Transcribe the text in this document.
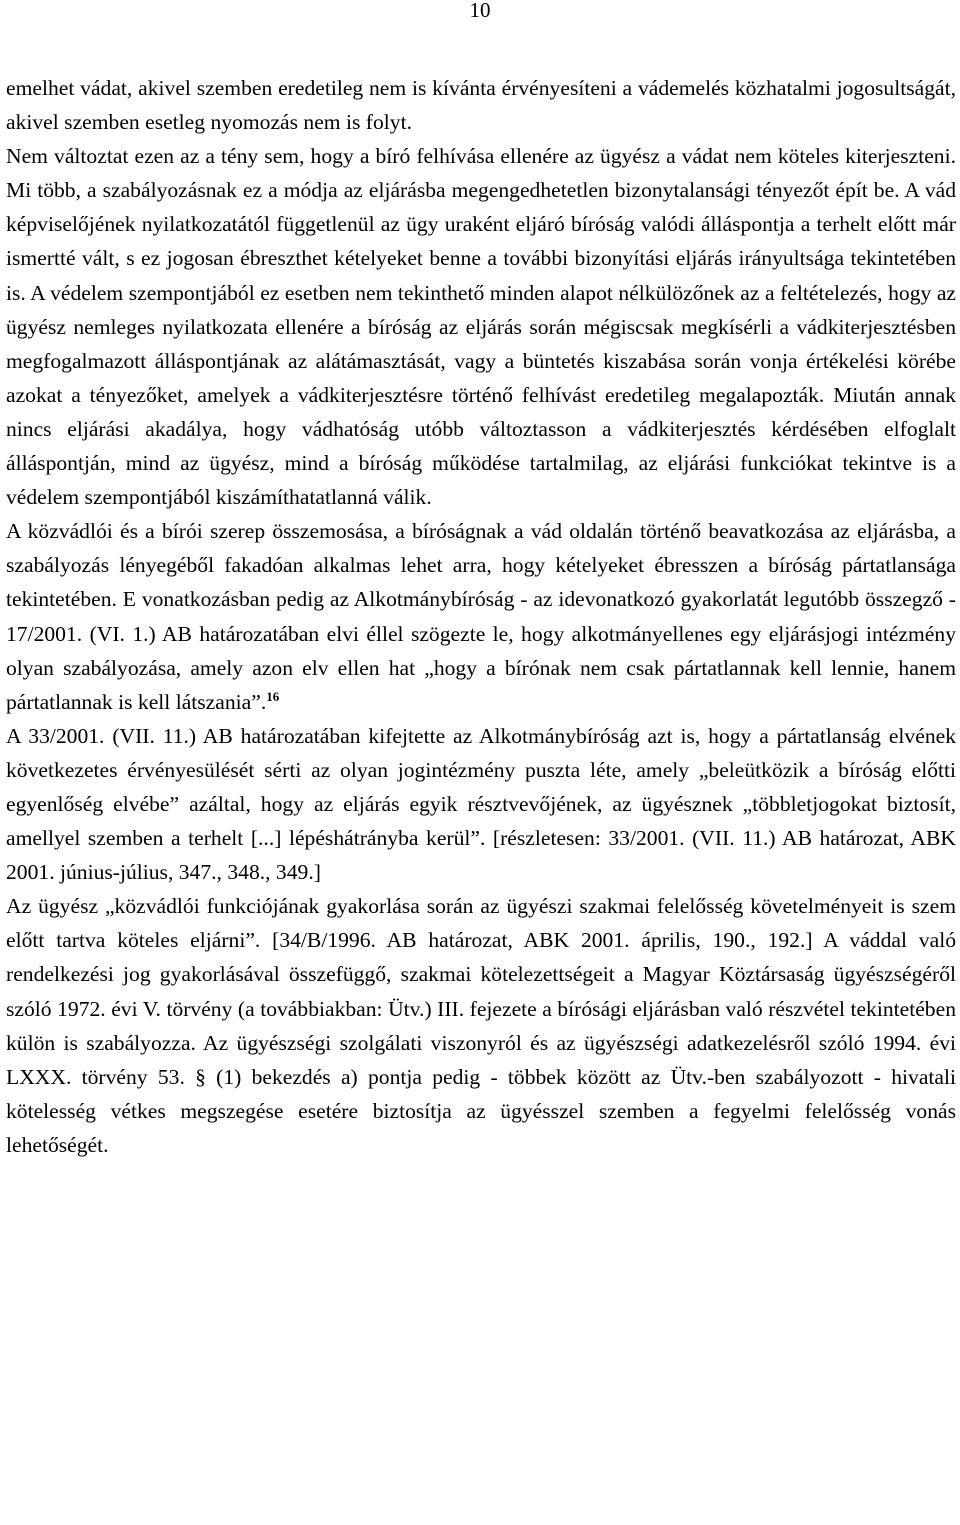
10

emelhet vádat, akivel szemben eredetileg nem is kívánta érvényesíteni a vádemelés közhatalmi jogosultságát, akivel szemben esetleg nyomozás nem is folyt.

Nem változtat ezen az a tény sem, hogy a bíró felhívása ellenére az ügyész a vádat nem köteles kiterjeszteni. Mi több, a szabályozásnak ez a módja az eljárásba megengedhetetlen bizonytalansági tényezőt épít be. A vád képviselőjének nyilatkozatától függetlenül az ügy uraként eljáró bíróság valódi álláspontja a terhelt előtt már ismertté vált, s ez jogosan ébreszthet kételyeket benne a további bizonyítási eljárás irányultsága tekintetében is. A védelem szempontjából ez esetben nem tekinthető minden alapot nélkülözőnek az a feltételezés, hogy az ügyész nemleges nyilatkozata ellenére a bíróság az eljárás során mégiscsak megkísérli a vádkiterjesztésben megfogalmazott álláspontjának az alátámasztását, vagy a büntetés kiszabása során vonja értékelési körébe azokat a tényezőket, amelyek a vádkiterjesztésre történő felhívást eredetileg megalapozták. Miután annak nincs eljárási akadálya, hogy vádhatóság utóbb változtasson a vádkiterjesztés kérdésében elfoglalt álláspontján, mind az ügyész, mind a bíróság működése tartalmilag, az eljárási funkciókat tekintve is a védelem szempontjából kiszámíthatatlanná válik.

A közvádlói és a bírói szerep összemosása, a bíróságnak a vád oldalán történő beavatkozása az eljárásba, a szabályozás lényegéből fakadóan alkalmas lehet arra, hogy kételyeket ébresszen a bíróság pártatlansága tekintetében. E vonatkozásban pedig az Alkotmánybíróság - az idevonatkozó gyakorlatát legutóbb összegző - 17/2001. (VI. 1.) AB határozatában elvi éllel szögezte le, hogy alkotmányellenes egy eljárásjogi intézmény olyan szabályozása, amely azon elv ellen hat „hogy a bírónak nem csak pártatlannak kell lennie, hanem pártatlannak is kell látszania”.$^{16}$

A 33/2001. (VII. 11.) AB határozatában kifejtette az Alkotmánybíróság azt is, hogy a pártatlanság elvének következetes érvényesülését sérti az olyan jogintézmény puszta léte, amely „beleütközik a bíróság előtti egyenlőség elvébe” azáltal, hogy az eljárás egyik résztvevőjének, az ügyésznek „többletjogokat biztosít, amellyel szemben a terhelt [...] lépéshátrányba kerül”. [részletesen: 33/2001. (VII. 11.) AB határozat, ABK 2001. június-július, 347., 348., 349.]

Az ügyész „közvádlói funkciójának gyakorlása során az ügyészi szakmai felelősség követelményeit is szem előtt tartva köteles eljárni”. [34/B/1996. AB határozat, ABK 2001. április, 190., 192.] A váddal való rendelkezési jog gyakorlásával összefüggő, szakmai kötelezettségeit a Magyar Köztársaság ügyészségéről szóló 1972. évi V. törvény (a továbbiakban: Ütv.) III. fejezete a bírósági eljárásban való részvétel tekintetében külön is szabályozza. Az ügyészségi szolgálati viszonyról és az ügyészségi adatkezelésről szóló 1994. évi LXXX. törvény 53. § (1) bekezdés a) pontja pedig - többek között az Ütv.-ben szabályozott - hivatali kötelesség vétkes megszegése esetére biztosítja az ügyésszel szemben a fegyelmi felelősség vonás lehetőségét.
